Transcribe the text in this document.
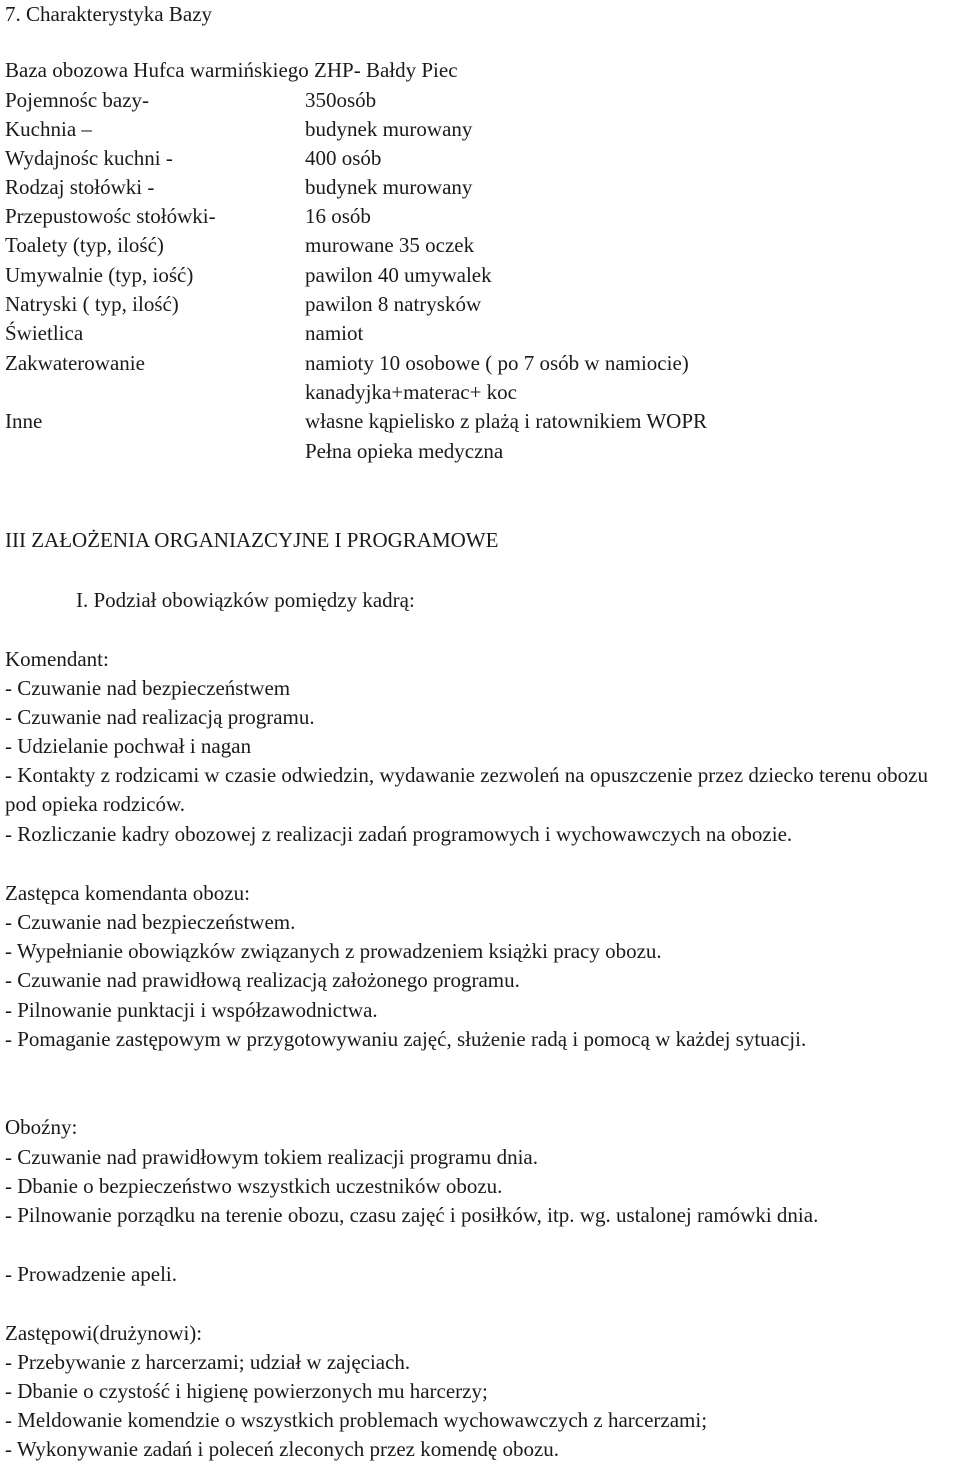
7. Charakterystyka Bazy
Baza obozowa Hufca warmińskiego ZHP- Bałdy Piec
Pojemnośc bazy-	350osób
Kuchnia –	budynek murowany
Wydajnośc kuchni -	400 osób
Rodzaj stołówki -	budynek murowany
Przepustowośc stołówki-	16 osób
Toalety (typ, ilość)	murowane 35 oczek
Umywalnie (typ, iość)	pawilon 40 umywalek
Natryski ( typ, ilość)	pawilon 8 natrysków
Świetlica	namiot
Zakwaterowanie	namioty 10 osobowe ( po 7 osób w namiocie)
kanadyjka+materac+ koc
Inne	własne kąpielisko z plażą i ratownikiem WOPR
Pełna opieka medyczna
III ZAŁOŻENIA ORGANIAZCYJNE I PROGRAMOWE
I. Podział obowiązków pomiędzy kadrą:
Komendant:
- Czuwanie nad bezpieczeństwem
- Czuwanie nad realizacją programu.
- Udzielanie pochwał i nagan
- Kontakty z rodzicami w czasie odwiedzin, wydawanie zezwoleń na opuszczenie przez dziecko terenu obozu pod opieka rodziców.
- Rozliczanie kadry obozowej z realizacji zadań programowych i wychowawczych na obozie.
Zastępca komendanta obozu:
- Czuwanie nad bezpieczeństwem.
- Wypełnianie obowiązków związanych z prowadzeniem książki pracy obozu.
- Czuwanie nad prawidłową realizacją założonego programu.
- Pilnowanie punktacji i współzawodnictwa.
- Pomaganie zastępowym w przygotowywaniu zajęć, służenie radą i pomocą w każdej sytuacji.
Oboźny:
- Czuwanie nad prawidłowym tokiem realizacji programu dnia.
- Dbanie o bezpieczeństwo wszystkich uczestników obozu.
- Pilnowanie porządku na terenie obozu, czasu zajęć i posiłków, itp. wg. ustalonej ramówki dnia.
- Prowadzenie apeli.
Zastępowi(drużynowi):
- Przebywanie z harcerzami; udział w zajęciach.
- Dbanie o czystość i higienę powierzonych mu harcerzy;
- Meldowanie komendzie o wszystkich problemach wychowawczych z harcerzami;
- Wykonywanie zadań i poleceń zleconych przez komendę obozu.
